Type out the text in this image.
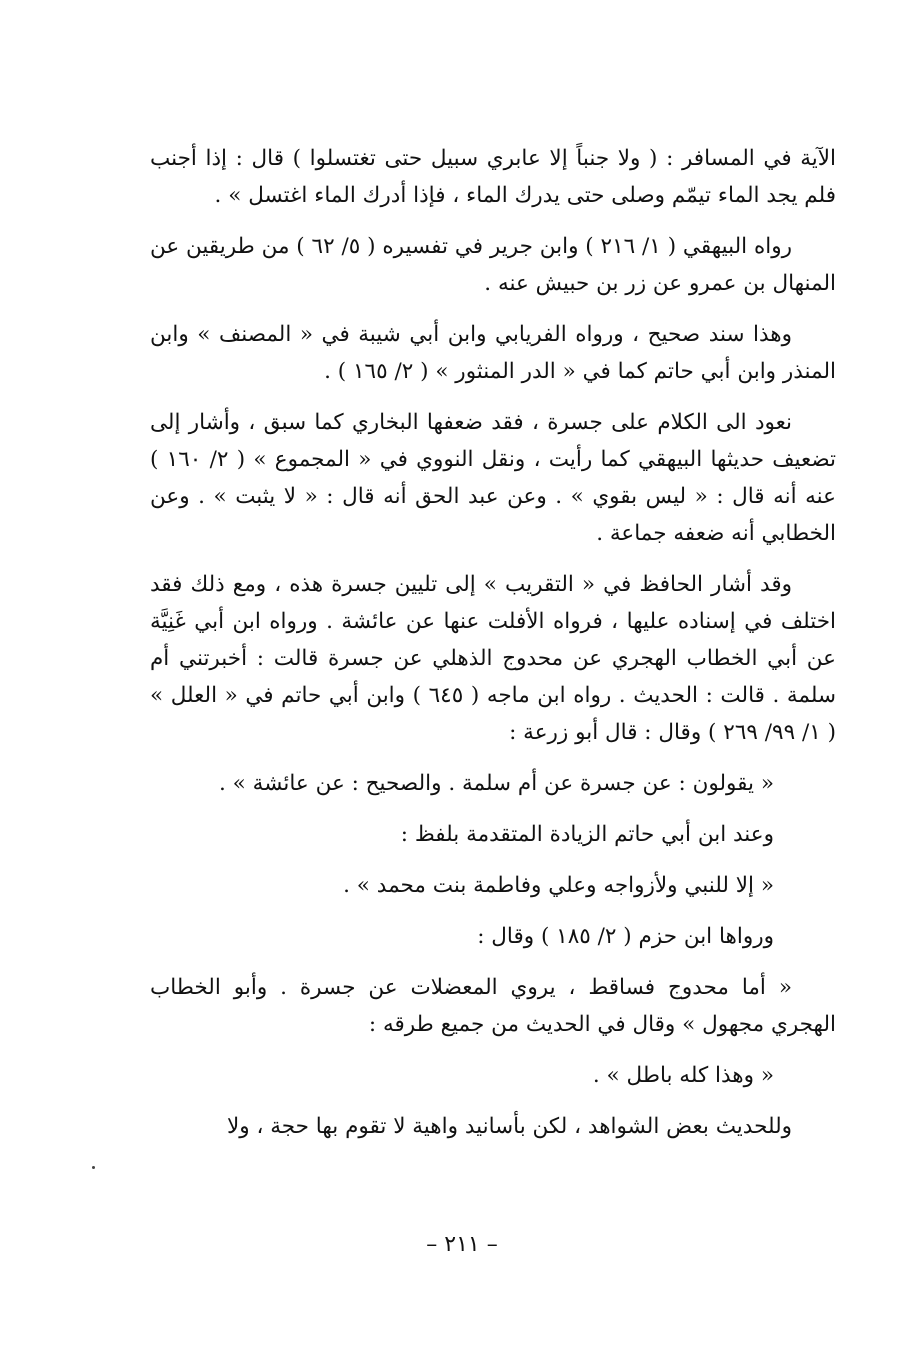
الآية في المسافر : ( ولا جنباً إلا عابري سبيل حتى تغتسلوا ) قال : إذا أجنب فلم يجد الماء تيمّم وصلى حتى يدرك الماء ، فإذا أدرك الماء اغتسل » .

رواه البيهقي ( ١/ ٢١٦ ) وابن جرير في تفسيره ( ٥/ ٦٢ ) من طريقين عن المنهال بن عمرو عن زر بن حبيش عنه .

وهذا سند صحيح ، ورواه الفريابي وابن أبي شيبة في « المصنف » وابن المنذر وابن أبي حاتم كما في « الدر المنثور » ( ٢/ ١٦٥ ) .

نعود الى الكلام على جسرة ، فقد ضعفها البخاري كما سبق ، وأشار إلى تضعيف حديثها البيهقي كما رأيت ، ونقل النووي في « المجموع » ( ٢/ ١٦٠ ) عنه أنه قال : « ليس بقوي » . وعن عبد الحق أنه قال : « لا يثبت » . وعن الخطابي أنه ضعفه جماعة .

وقد أشار الحافظ في « التقريب » إلى تليين جسرة هذه ، ومع ذلك فقد اختلف في إسناده عليها ، فرواه الأفلت عنها عن عائشة . ورواه ابن أبي غَنِيَّة عن أبي الخطاب الهجري عن محدوج الذهلي عن جسرة قالت : أخبرتني أم سلمة . قالت : الحديث . رواه ابن ماجه ( ٦٤٥ ) وابن أبي حاتم في « العلل » ( ١/ ٩٩/ ٢٦٩ ) وقال : قال أبو زرعة :

« يقولون : عن جسرة عن أم سلمة . والصحيح : عن عائشة » .

وعند ابن أبي حاتم الزيادة المتقدمة بلفظ :

« إلا للنبي ولأزواجه وعلي وفاطمة بنت محمد » .

ورواها ابن حزم ( ٢/ ١٨٥ ) وقال :

« أما محدوج فساقط ، يروي المعضلات عن جسرة . وأبو الخطاب الهجري مجهول » وقال في الحديث من جميع طرقه :

« وهذا كله باطل » .

وللحديث بعض الشواهد ، لكن بأسانيد واهية لا تقوم بها حجة ، ولا

– ٢١١ –
